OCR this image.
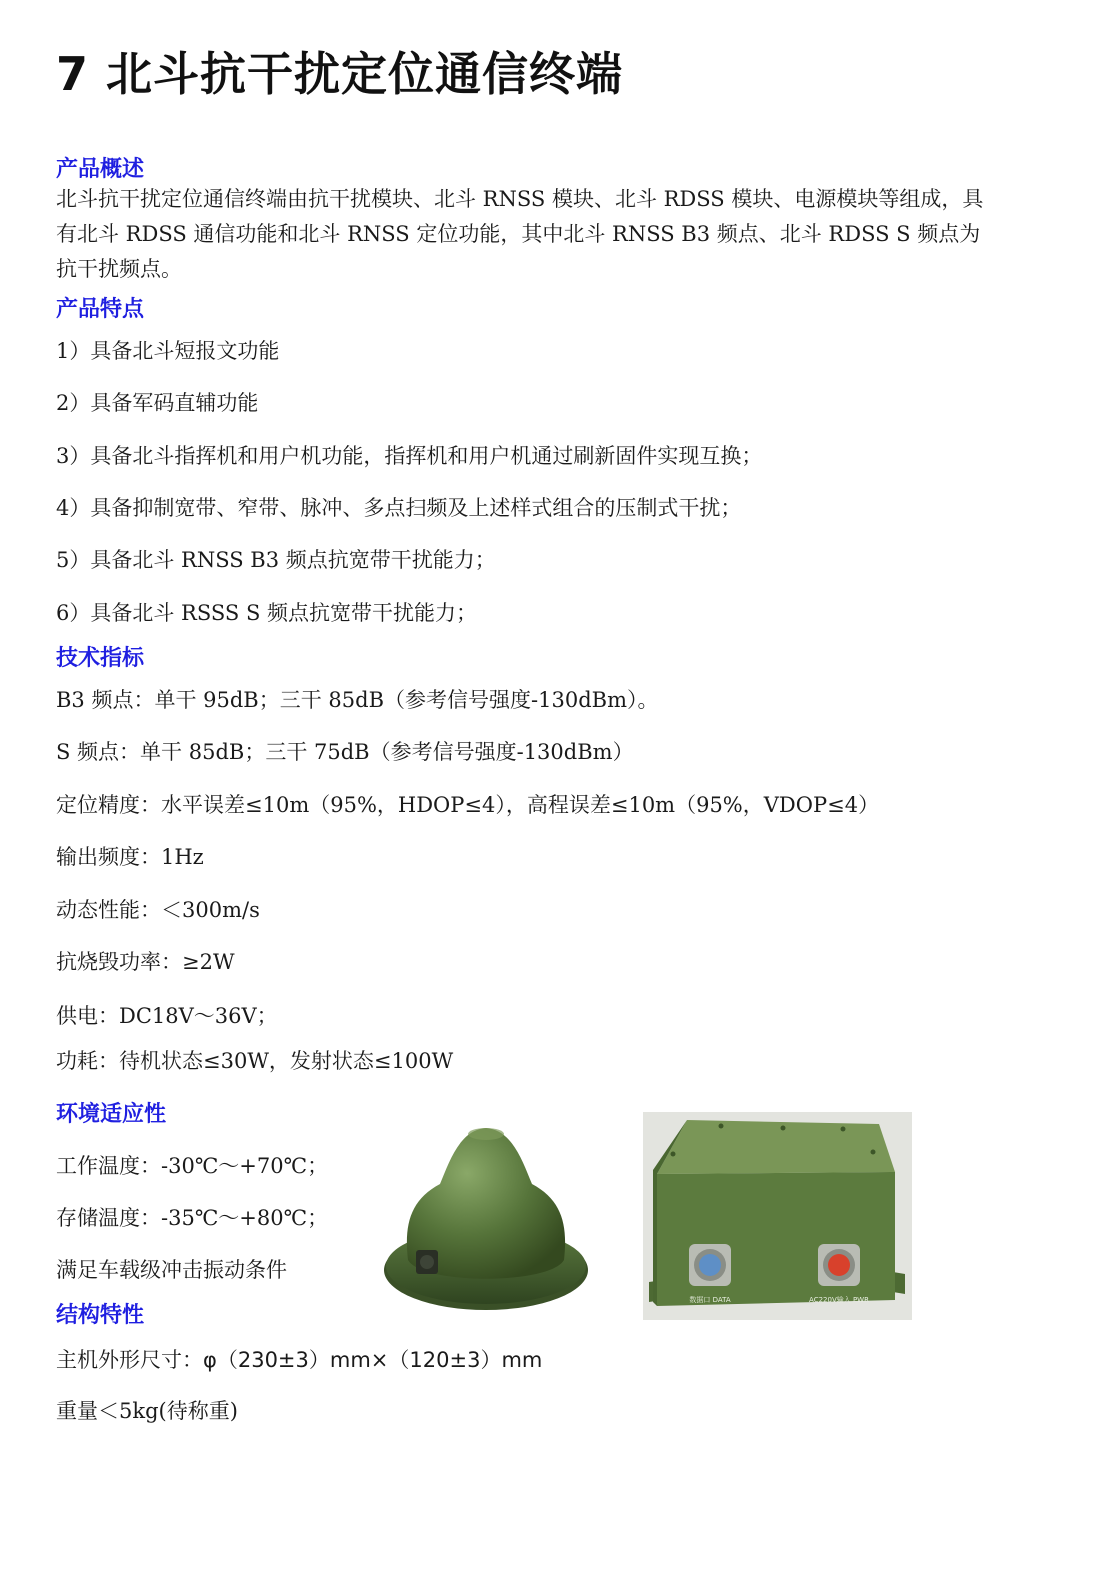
7 北斗抗干扰定位通信终端
产品概述
北斗抗干扰定位通信终端由抗干扰模块、北斗 RNSS 模块、北斗 RDSS 模块、电源模块等组成，具有北斗 RDSS 通信功能和北斗 RNSS 定位功能，其中北斗 RNSS B3 频点、北斗 RDSS S 频点为抗干扰频点。
产品特点
1）具备北斗短报文功能
2）具备军码直辅功能
3）具备北斗指挥机和用户机功能，指挥机和用户机通过刷新固件实现互换；
4）具备抑制宽带、窄带、脉冲、多点扫频及上述样式组合的压制式干扰；
5）具备北斗 RNSS B3 频点抗宽带干扰能力；
6）具备北斗 RSSS S 频点抗宽带干扰能力；
技术指标
B3 频点：单干 95dB；三干 85dB（参考信号强度-130dBm）。
S 频点：单干 85dB；三干 75dB（参考信号强度-130dBm）
定位精度：水平误差≤10m（95%，HDOP≤4），高程误差≤10m（95%，VDOP≤4）
输出频度：1Hz
动态性能：＜300m/s
抗烧毁功率：≥2W
供电：DC18V～36V；
功耗：待机状态≤30W，发射状态≤100W
环境适应性
工作温度：-30℃～+70℃；
存储温度：-35℃～+80℃；
满足车载级冲击振动条件
结构特性
主机外形尺寸：φ（230±3）mm×（120±3）mm
重量＜5kg(待称重)
数据口 DATA	AC220V输入 PWR
